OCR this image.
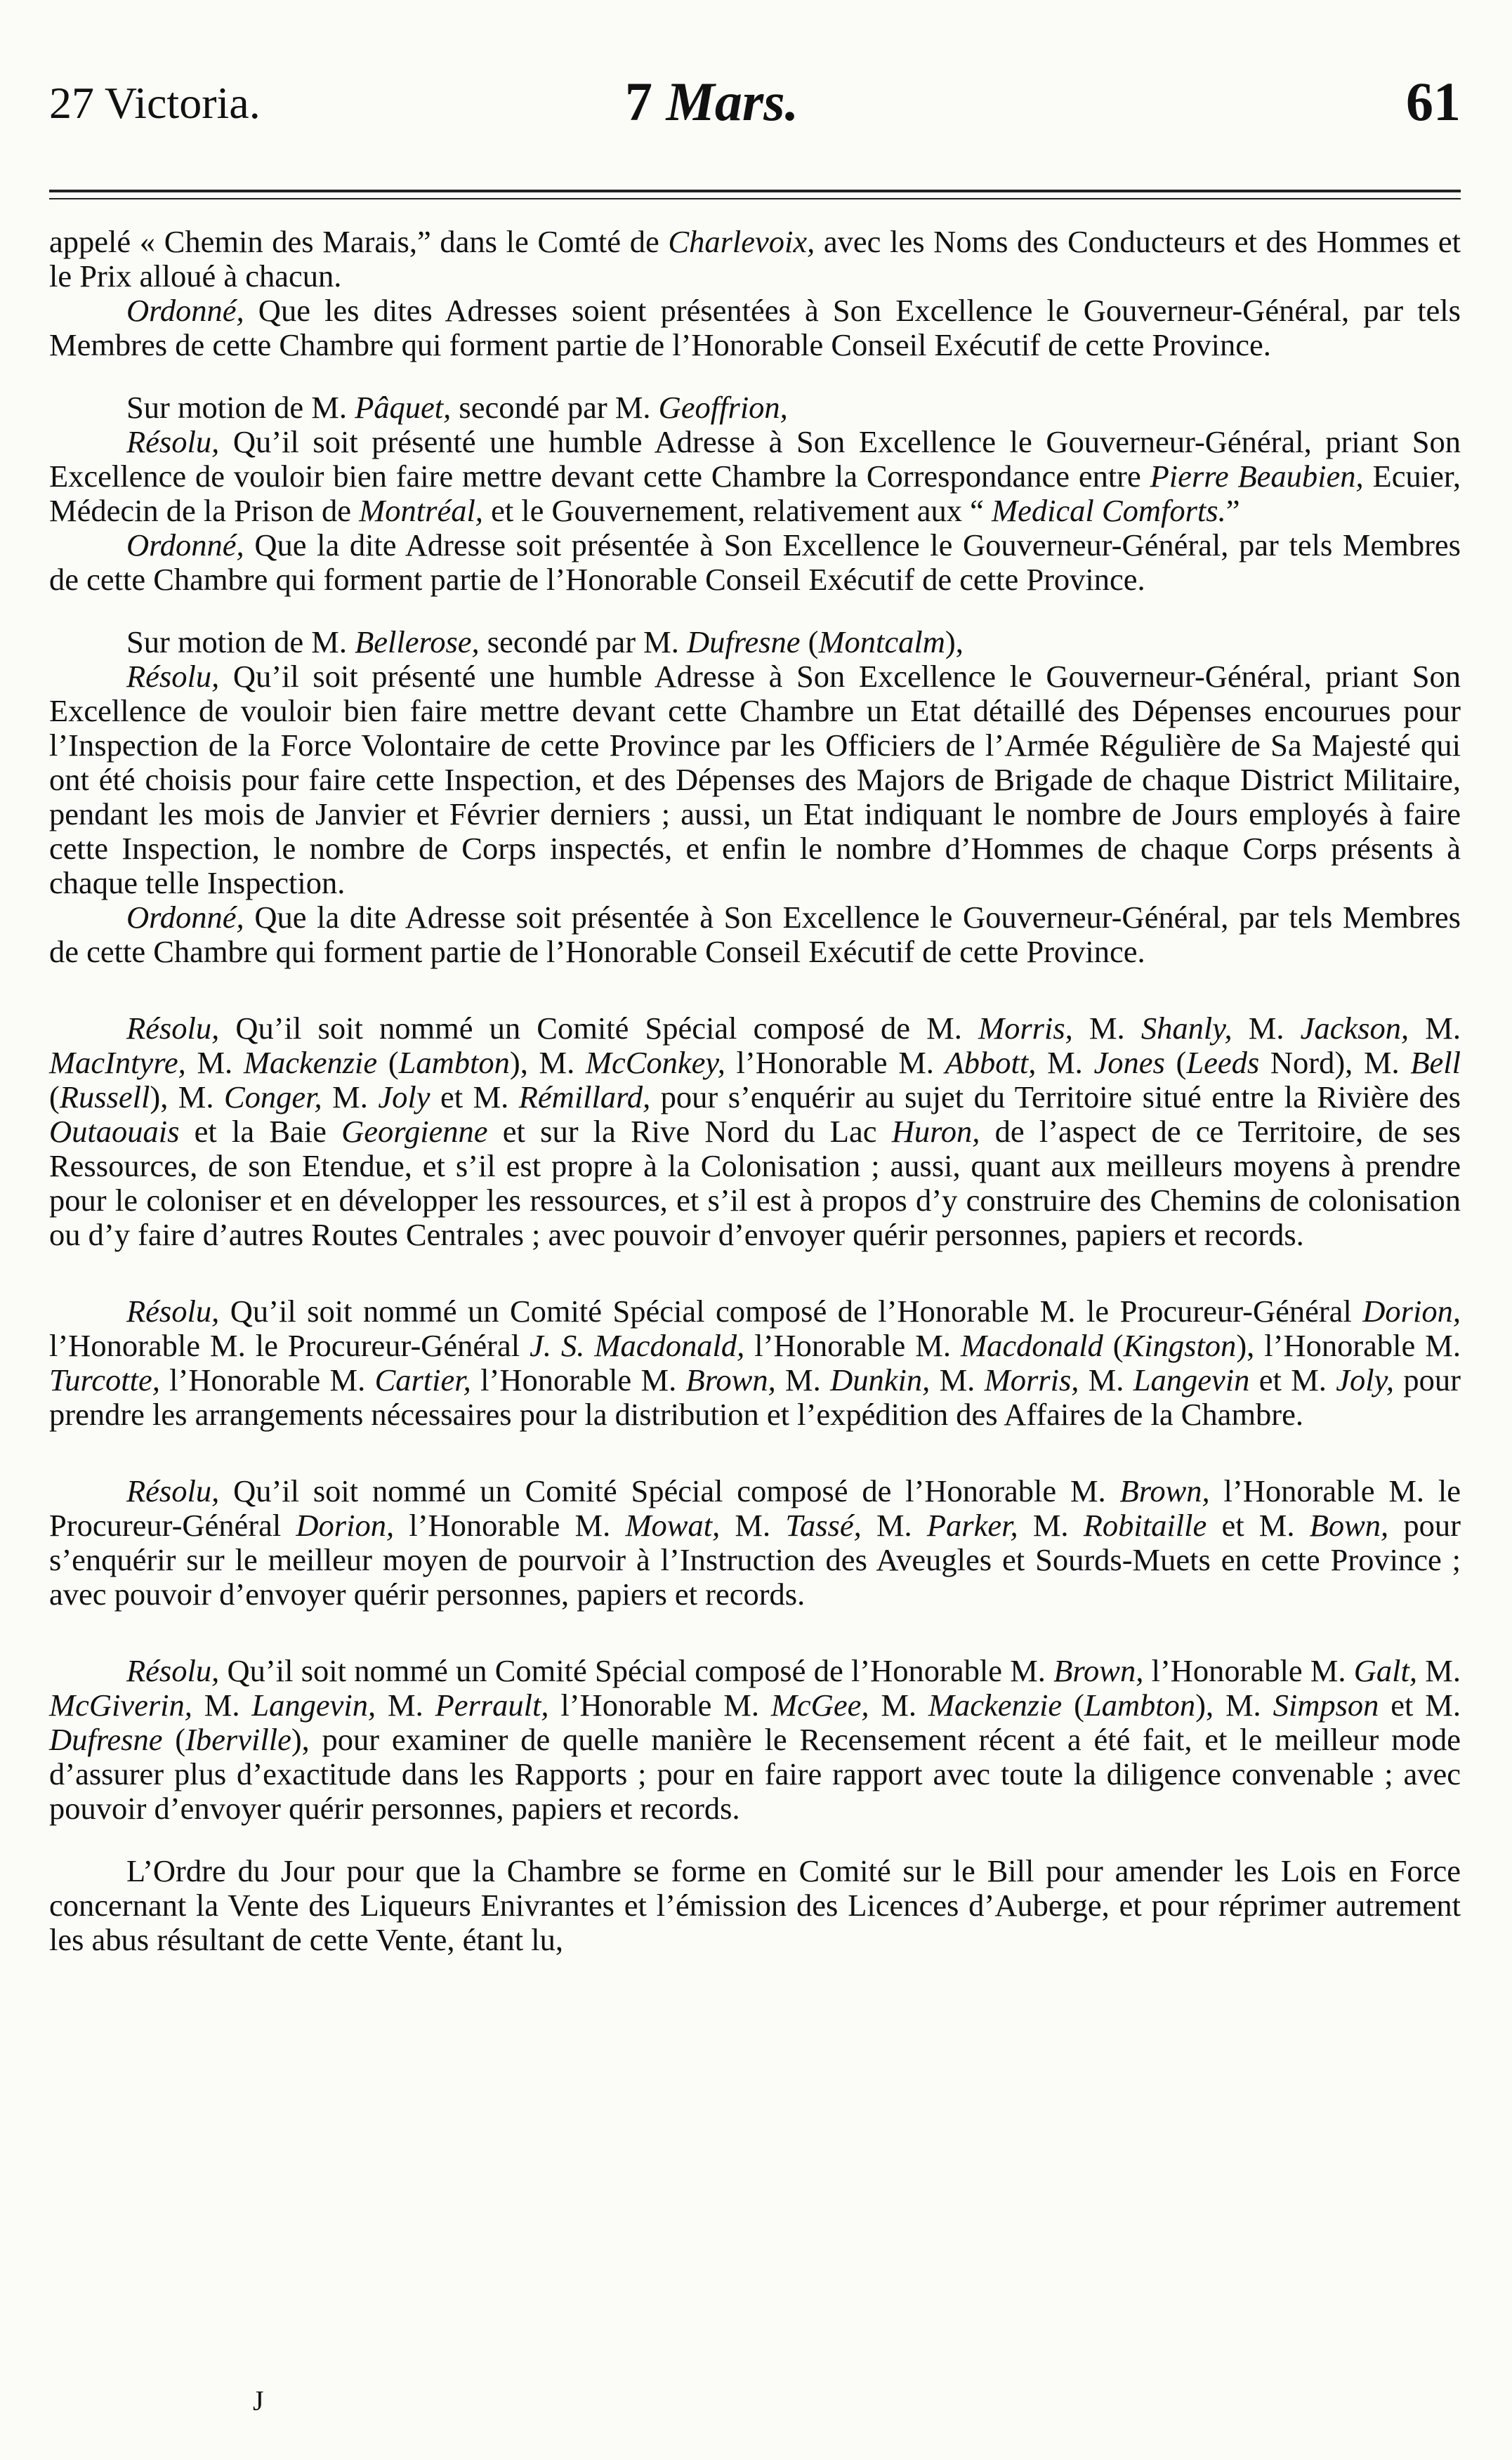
27 Victoria.	7 Mars.	61

appelé « Chemin des Marais,” dans le Comté de Charlevoix, avec les Noms des Conducteurs et des Hommes et le Prix alloué à chacun.

Ordonné, Que les dites Adresses soient présentées à Son Excellence le Gouverneur-Général, par tels Membres de cette Chambre qui forment partie de l’Honorable Conseil Exécutif de cette Province.

Sur motion de M. Pâquet, secondé par M. Geoffrion,

Résolu, Qu’il soit présenté une humble Adresse à Son Excellence le Gouverneur-Général, priant Son Excellence de vouloir bien faire mettre devant cette Chambre la Correspondance entre Pierre Beaubien, Ecuier, Médecin de la Prison de Montréal, et le Gouvernement, relativement aux “ Medical Comforts.”

Ordonné, Que la dite Adresse soit présentée à Son Excellence le Gouverneur-Général, par tels Membres de cette Chambre qui forment partie de l’Honorable Conseil Exécutif de cette Province.

Sur motion de M. Bellerose, secondé par M. Dufresne (Montcalm),

Résolu, Qu’il soit présenté une humble Adresse à Son Excellence le Gouverneur-Général, priant Son Excellence de vouloir bien faire mettre devant cette Chambre un Etat détaillé des Dépenses encourues pour l’Inspection de la Force Volontaire de cette Province par les Officiers de l’Armée Régulière de Sa Majesté qui ont été choisis pour faire cette Inspection, et des Dépenses des Majors de Brigade de chaque District Militaire, pendant les mois de Janvier et Février derniers ; aussi, un Etat indiquant le nombre de Jours employés à faire cette Inspection, le nombre de Corps inspectés, et enfin le nombre d’Hommes de chaque Corps présents à chaque telle Inspection.

Ordonné, Que la dite Adresse soit présentée à Son Excellence le Gouverneur-Général, par tels Membres de cette Chambre qui forment partie de l’Honorable Conseil Exécutif de cette Province.

Résolu, Qu’il soit nommé un Comité Spécial composé de M. Morris, M. Shanly, M. Jackson, M. MacIntyre, M. Mackenzie (Lambton), M. McConkey, l’Honorable M. Abbott, M. Jones (Leeds Nord), M. Bell (Russell), M. Conger, M. Joly et M. Rémillard, pour s’enquérir au sujet du Territoire situé entre la Rivière des Outaouais et la Baie Georgienne et sur la Rive Nord du Lac Huron, de l’aspect de ce Territoire, de ses Ressources, de son Etendue, et s’il est propre à la Colonisation ; aussi, quant aux meilleurs moyens à prendre pour le coloniser et en développer les ressources, et s’il est à propos d’y construire des Chemins de colonisation ou d’y faire d’autres Routes Centrales ; avec pouvoir d’envoyer quérir personnes, papiers et records.

Résolu, Qu’il soit nommé un Comité Spécial composé de l’Honorable M. le Procureur-Général Dorion, l’Honorable M. le Procureur-Général J. S. Macdonald, l’Honorable M. Macdonald (Kingston), l’Honorable M. Turcotte, l’Honorable M. Cartier, l’Honorable M. Brown, M. Dunkin, M. Morris, M. Langevin et M. Joly, pour prendre les arrangements nécessaires pour la distribution et l’expédition des Affaires de la Chambre.

Résolu, Qu’il soit nommé un Comité Spécial composé de l’Honorable M. Brown, l’Honorable M. le Procureur-Général Dorion, l’Honorable M. Mowat, M. Tassé, M. Parker, M. Robitaille et M. Bown, pour s’enquérir sur le meilleur moyen de pourvoir à l’Instruction des Aveugles et Sourds-Muets en cette Province ; avec pouvoir d’envoyer quérir personnes, papiers et records.

Résolu, Qu’il soit nommé un Comité Spécial composé de l’Honorable M. Brown, l’Honorable M. Galt, M. McGiverin, M. Langevin, M. Perrault, l’Honorable M. McGee, M. Mackenzie (Lambton), M. Simpson et M. Dufresne (Iberville), pour examiner de quelle manière le Recensement récent a été fait, et le meilleur mode d’assurer plus d’exactitude dans les Rapports ; pour en faire rapport avec toute la diligence convenable ; avec pouvoir d’envoyer quérir personnes, papiers et records.

L’Ordre du Jour pour que la Chambre se forme en Comité sur le Bill pour amender les Lois en Force concernant la Vente des Liqueurs Enivrantes et l’émission des Licences d’Auberge, et pour réprimer autrement les abus résultant de cette Vente, étant lu,

J
